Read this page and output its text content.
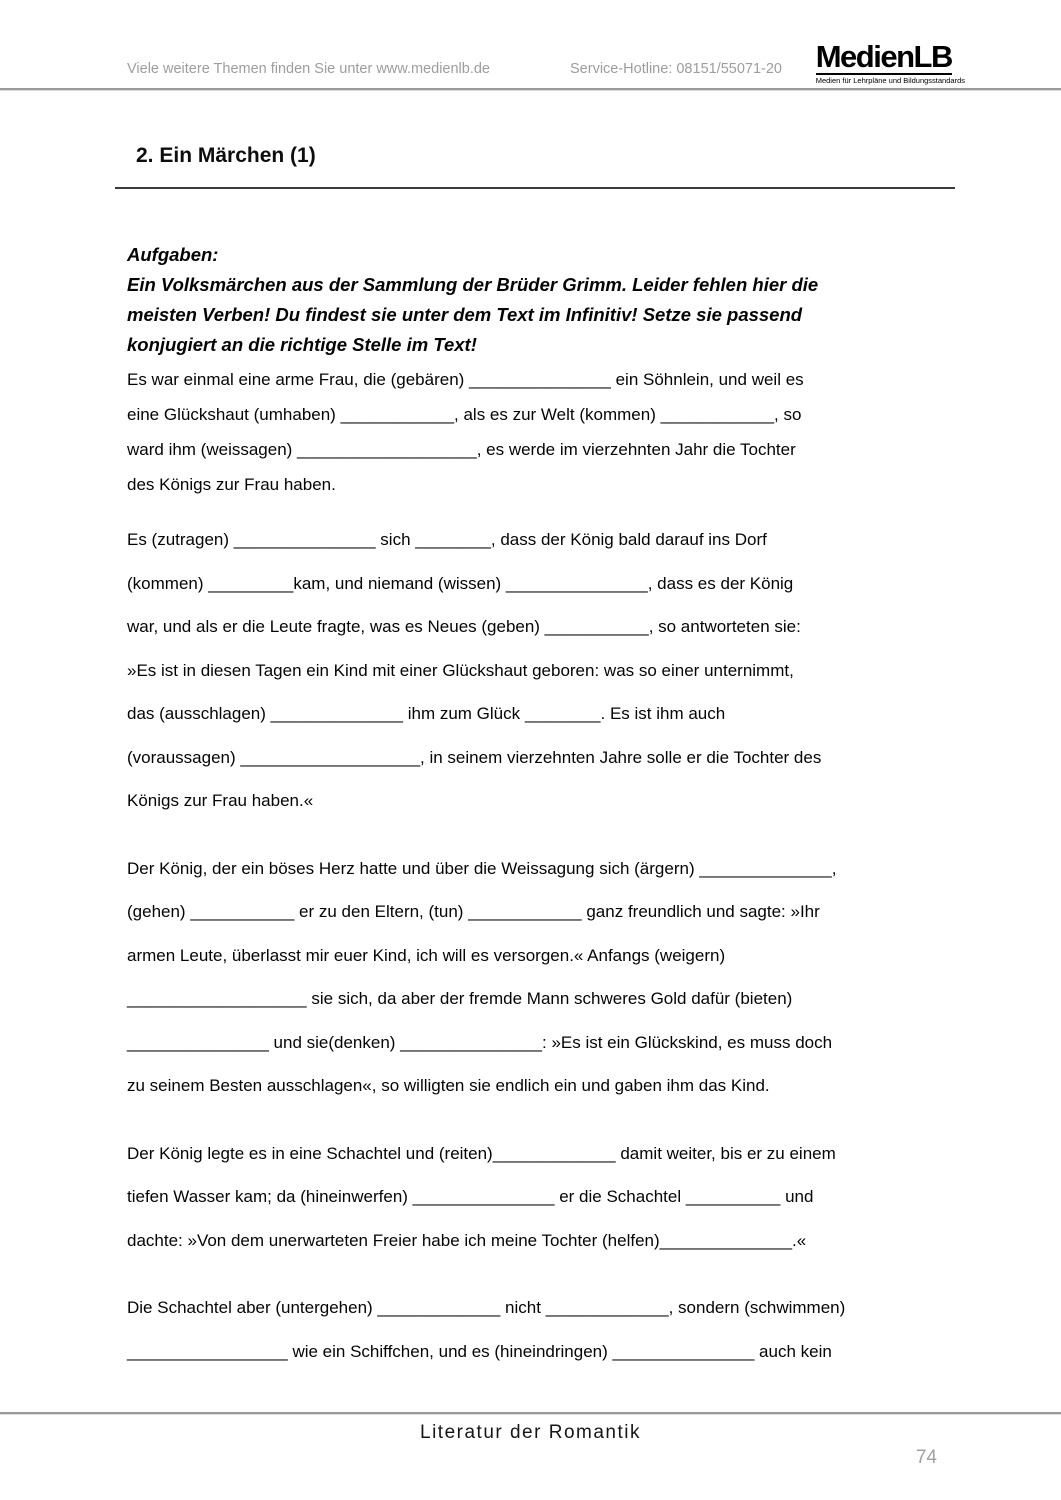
Viele weitere Themen finden Sie unter www.medienlb.de	Service-Hotline: 08151/55071-20 MedienLB
Medien für Lehrpläne und Bildungsstandards
2. Ein Märchen (1)
Aufgaben:
Ein Volksmärchen aus der Sammlung der Brüder Grimm. Leider fehlen hier die
meisten Verben! Du findest sie unter dem Text im Infinitiv! Setze sie passend
konjugiert an die richtige Stelle im Text!
Es war einmal eine arme Frau, die (gebären) _______________ ein Söhnlein, und weil es
eine Glückshaut (umhaben) ____________, als es zur Welt (kommen) ____________, so
ward ihm (weissagen) ___________________, es werde im vierzehnten Jahr die Tochter
des Königs zur Frau haben.
Es (zutragen) _______________ sich ________, dass der König bald darauf ins Dorf
(kommen) _________kam, und niemand (wissen) _______________, dass es der König
war, und als er die Leute fragte, was es Neues (geben) ___________, so antworteten sie:
»Es ist in diesen Tagen ein Kind mit einer Glückshaut geboren: was so einer unternimmt,
das (ausschlagen) ______________ ihm zum Glück ________. Es ist ihm auch
(voraussagen) ___________________, in seinem vierzehnten Jahre solle er die Tochter des
Königs zur Frau haben.«
Der König, der ein böses Herz hatte und über die Weissagung sich (ärgern) ______________,
(gehen) ___________ er zu den Eltern, (tun) ____________ ganz freundlich und sagte: »Ihr
armen Leute, überlasst mir euer Kind, ich will es versorgen.« Anfangs (weigern)
___________________ sie sich, da aber der fremde Mann schweres Gold dafür (bieten)
_______________ und sie(denken) _______________: »Es ist ein Glückskind, es muss doch
zu seinem Besten ausschlagen«, so willigten sie endlich ein und gaben ihm das Kind.
Der König legte es in eine Schachtel und (reiten)_____________ damit weiter, bis er zu einem
tiefen Wasser kam; da (hineinwerfen) _______________ er die Schachtel __________ und
dachte: »Von dem unerwarteten Freier habe ich meine Tochter (helfen)______________.«
Die Schachtel aber (untergehen) _____________ nicht _____________, sondern (schwimmen)
_________________ wie ein Schiffchen, und es (hineindringen) _______________ auch kein
Literatur der Romantik
74
